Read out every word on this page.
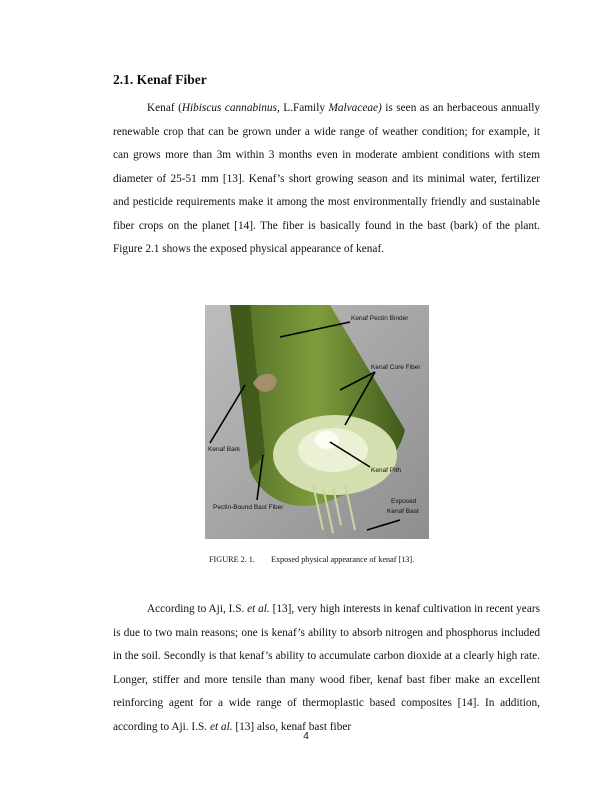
2.1. Kenaf Fiber

Kenaf (Hibiscus cannabinus, L.Family Malvaceae) is seen as an herbaceous annually renewable crop that can be grown under a wide range of weather condition; for example, it can grows more than 3m within 3 months even in moderate ambient conditions with stem diameter of 25-51 mm [13]. Kenaf’s short growing season and its minimal water, fertilizer and pesticide requirements make it among the most environmentally friendly and sustainable fiber crops on the planet [14]. The fiber is basically found in the bast (bark) of the plant. Figure 2.1 shows the exposed physical appearance of kenaf.

Kenaf Pectin Binder
Kenaf Core Fiber
Kenaf Bark
Kenaf Pith
Pectin-Bound Bast Fiber
Exposed
Kenaf Bast
FIGURE 2. 1. Exposed physical appearance of kenaf [13].

According to Aji, I.S. et al. [13], very high interests in kenaf cultivation in recent years is due to two main reasons; one is kenaf’s ability to absorb nitrogen and phosphorus included in the soil. Secondly is that kenaf’s ability to accumulate carbon dioxide at a clearly high rate. Longer, stiffer and more tensile than many wood fiber, kenaf bast fiber make an excellent reinforcing agent for a wide range of thermoplastic based composites [14]. In addition, according to Aji. I.S. et al. [13] also, kenaf bast fiber

4
